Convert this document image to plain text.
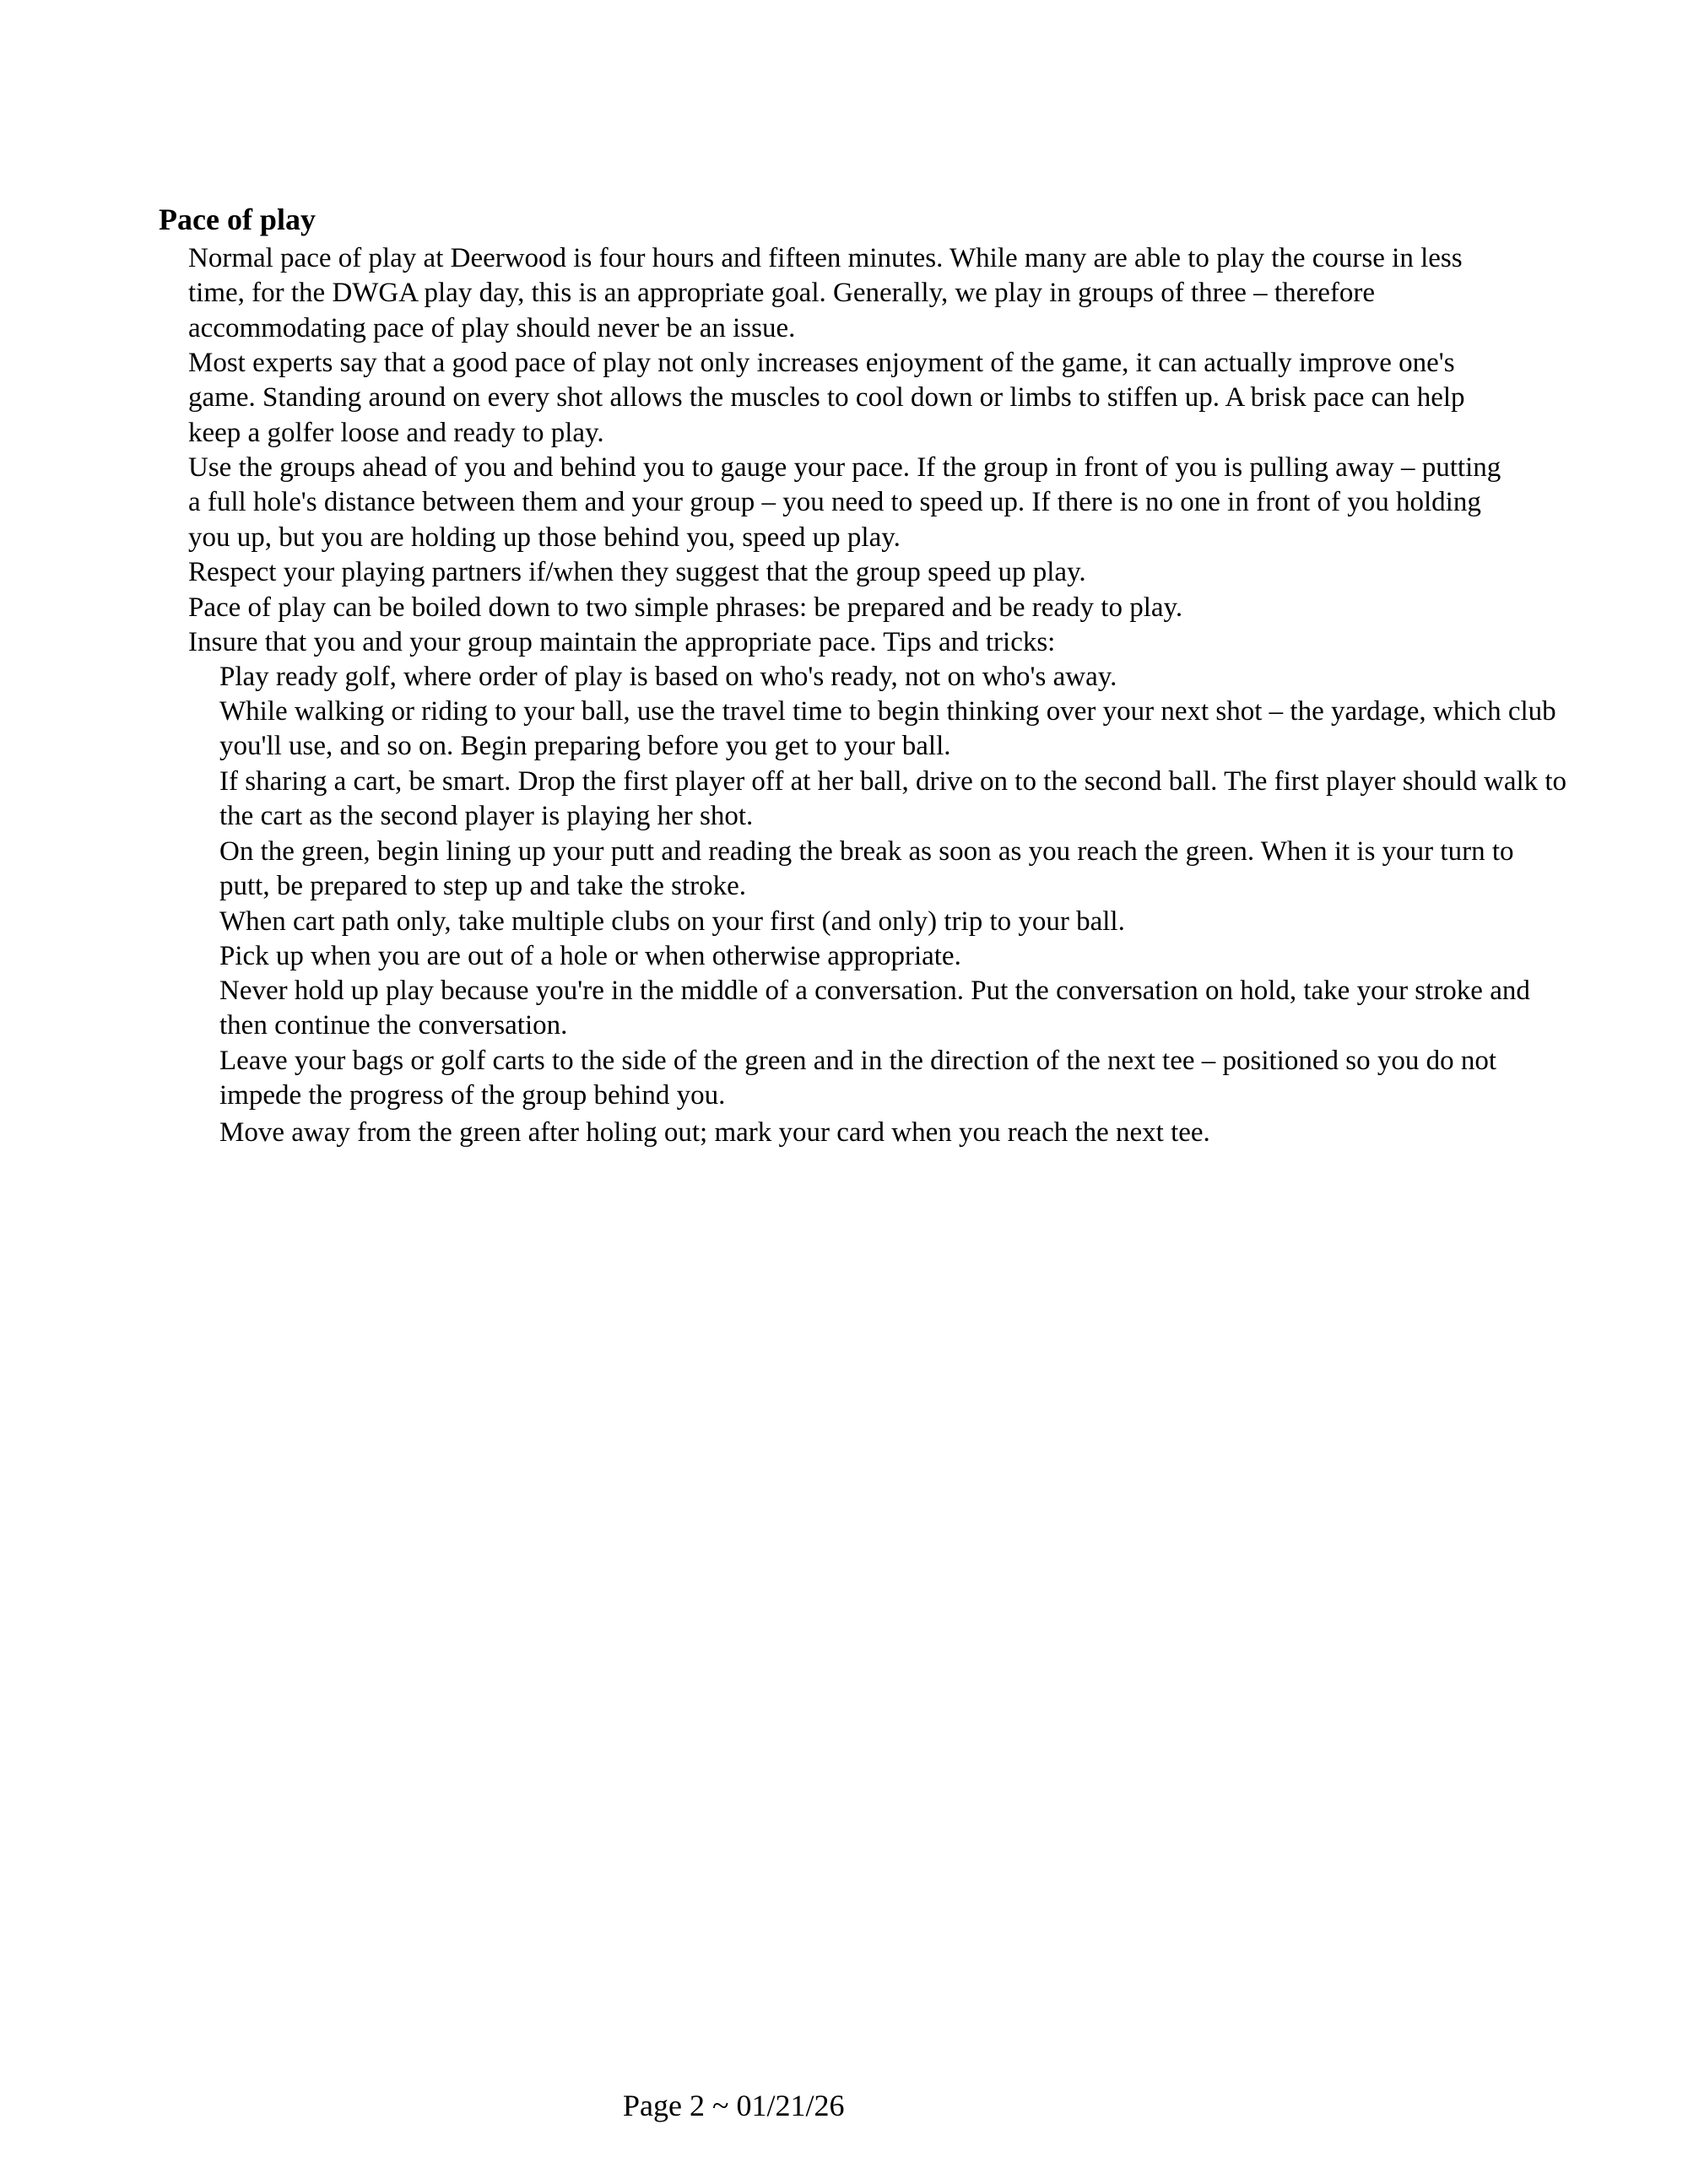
Pace of play

Normal pace of play at Deerwood is four hours and fifteen minutes. While many are able to play the course in less time, for the DWGA play day, this is an appropriate goal. Generally, we play in groups of three – therefore accommodating pace of play should never be an issue.

Most experts say that a good pace of play not only increases enjoyment of the game, it can actually improve one's game. Standing around on every shot allows the muscles to cool down or limbs to stiffen up. A brisk pace can help keep a golfer loose and ready to play.

Use the groups ahead of you and behind you to gauge your pace. If the group in front of you is pulling away – putting a full hole's distance between them and your group – you need to speed up. If there is no one in front of you holding you up, but you are holding up those behind you, speed up play.

Respect your playing partners if/when they suggest that the group speed up play.

Pace of play can be boiled down to two simple phrases: be prepared and be ready to play.

Insure that you and your group maintain the appropriate pace. Tips and tricks:

Play ready golf, where order of play is based on who's ready, not on who's away.

While walking or riding to your ball, use the travel time to begin thinking over your next shot – the yardage, which club you'll use, and so on. Begin preparing before you get to your ball.

If sharing a cart, be smart. Drop the first player off at her ball, drive on to the second ball. The first player should walk to the cart as the second player is playing her shot.

On the green, begin lining up your putt and reading the break as soon as you reach the green. When it is your turn to putt, be prepared to step up and take the stroke.

When cart path only, take multiple clubs on your first (and only) trip to your ball.

Pick up when you are out of a hole or when otherwise appropriate.

Never hold up play because you're in the middle of a conversation. Put the conversation on hold, take your stroke and then continue the conversation.

Leave your bags or golf carts to the side of the green and in the direction of the next tee – positioned so you do not impede the progress of the group behind you.

Move away from the green after holing out; mark your card when you reach the next tee.

Page 2 ~ 01/21/26
